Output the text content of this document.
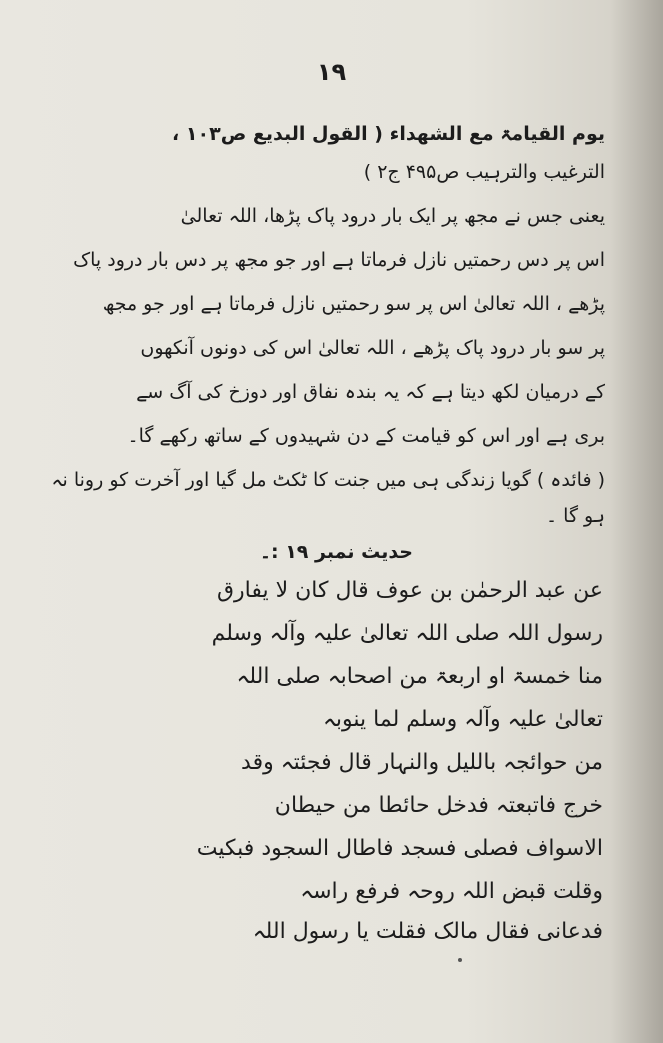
۱۹
یوم القیامۃ مع الشھداء ( القول البدیع ص۱۰۳ ،
الترغیب والترہیب ص۴۹۵ ج۲ )
یعنی جس نے مجھ پر ایک بار درود پاک پڑھا، اللہ تعالیٰ
اس پر دس رحمتیں نازل فرماتا ہے اور جو مجھ پر دس بار درود پاک
پڑھے ، اللہ تعالیٰ اس پر سو رحمتیں نازل فرماتا ہے اور جو مجھ
پر سو بار درود پاک پڑھے ، اللہ تعالیٰ اس کی دونوں آنکھوں
کے درمیان لکھ دیتا ہے کہ یہ بندہ نفاق اور دوزخ کی آگ سے
بری ہے اور اس کو قیامت کے دن شہیدوں کے ساتھ رکھے گا۔
( فائدہ ) گویا زندگی ہی میں جنت کا ٹکٹ مل گیا اور آخرت کو رونا نہ
ہو گا ۔
حدیث نمبر ۱۹ :۔
عن عبد الرحمٰن بن عوف قال کان لا یفارق
رسول اللہ صلی اللہ تعالیٰ علیہ وآلہ وسلم
منا خمسۃ او اربعۃ من اصحابہ صلی اللہ
تعالیٰ علیہ وآلہ وسلم لما ینوبہ
من حوائجہ باللیل والنہار قال فجئتہ وقد
خرج فاتبعتہ فدخل حائطا من حیطان
الاسواف فصلی فسجد فاطال السجود فبکیت
وقلت قبض اللہ روحہ فرفع راسہ
فدعانی فقال مالک فقلت یا رسول اللہ
